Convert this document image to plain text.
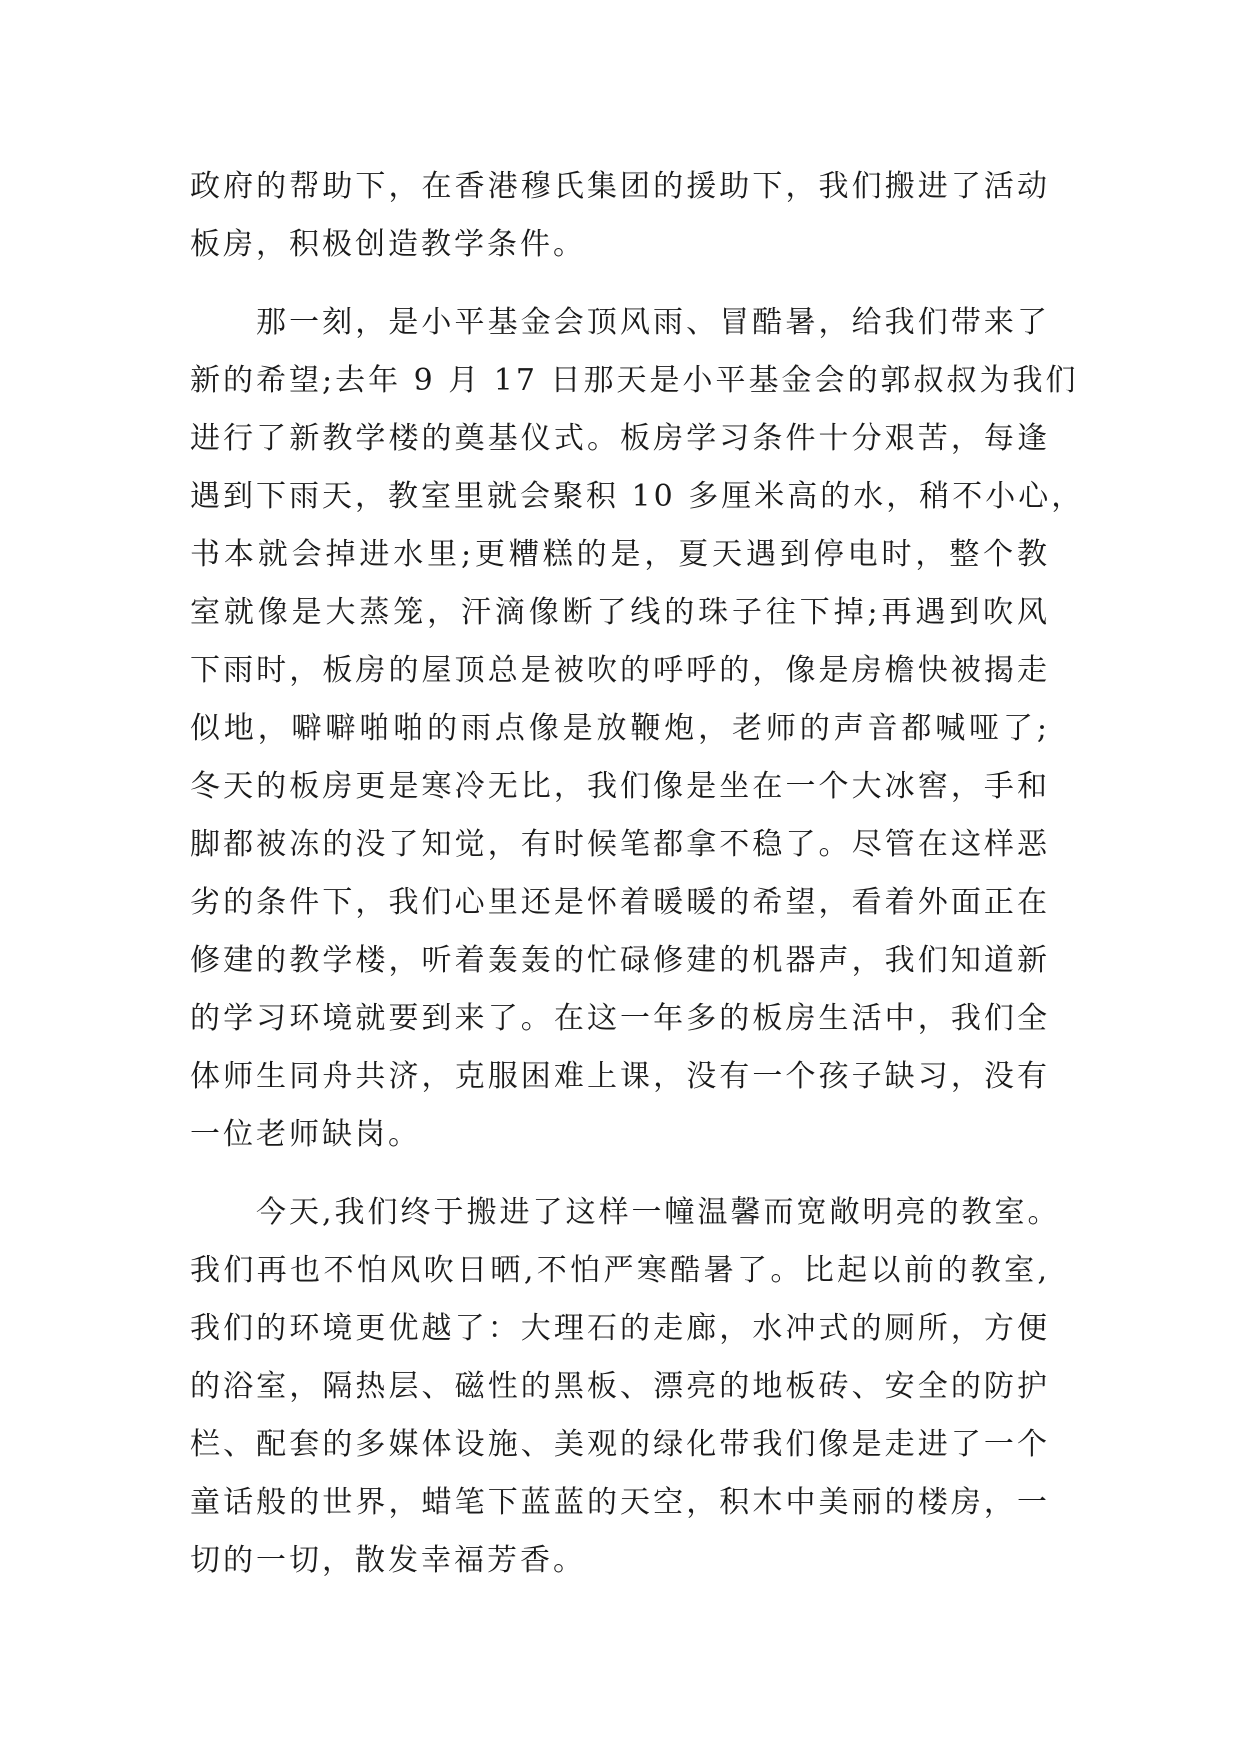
政府的帮助下，在香港穆氏集团的援助下，我们搬进了活动
板房，积极创造教学条件。
那一刻，是小平基金会顶风雨、冒酷暑，给我们带来了
新的希望;去年 9 月 17 日那天是小平基金会的郭叔叔为我们
进行了新教学楼的奠基仪式。板房学习条件十分艰苦，每逢
遇到下雨天，教室里就会聚积 10 多厘米高的水，稍不小心，
书本就会掉进水里;更糟糕的是，夏天遇到停电时，整个教
室就像是大蒸笼，汗滴像断了线的珠子往下掉;再遇到吹风
下雨时，板房的屋顶总是被吹的呼呼的，像是房檐快被揭走
似地，噼噼啪啪的雨点像是放鞭炮，老师的声音都喊哑了;
冬天的板房更是寒冷无比，我们像是坐在一个大冰窖，手和
脚都被冻的没了知觉，有时候笔都拿不稳了。尽管在这样恶
劣的条件下，我们心里还是怀着暖暖的希望，看着外面正在
修建的教学楼，听着轰轰的忙碌修建的机器声，我们知道新
的学习环境就要到来了。在这一年多的板房生活中，我们全
体师生同舟共济，克服困难上课，没有一个孩子缺习，没有
一位老师缺岗。
今天,我们终于搬进了这样一幢温馨而宽敞明亮的教室。
我们再也不怕风吹日晒,不怕严寒酷暑了。比起以前的教室,
我们的环境更优越了：大理石的走廊，水冲式的厕所，方便
的浴室，隔热层、磁性的黑板、漂亮的地板砖、安全的防护
栏、配套的多媒体设施、美观的绿化带我们像是走进了一个
童话般的世界，蜡笔下蓝蓝的天空，积木中美丽的楼房，一
切的一切，散发幸福芳香。
